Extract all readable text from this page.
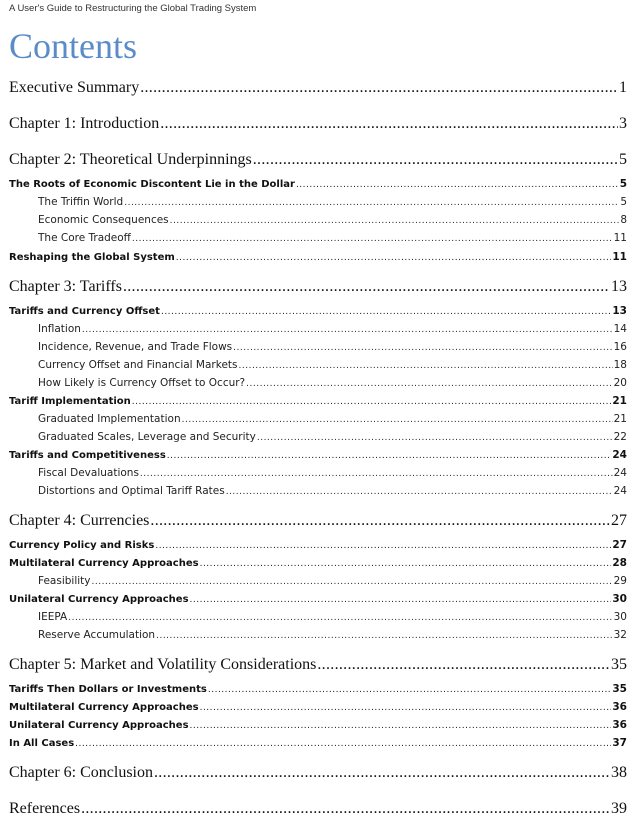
A User's Guide to Restructuring the Global Trading System
Contents
Executive Summary .....	1
Chapter 1: Introduction .....	3
Chapter 2: Theoretical Underpinnings .....	5
The Roots of Economic Discontent Lie in the Dollar .....	5
The Triffin World .....	5
Economic Consequences .....	8
The Core Tradeoff .....	11
Reshaping the Global System .....	11
Chapter 3: Tariffs .....	13
Tariffs and Currency Offset .....	13
Inflation .....	14
Incidence, Revenue, and Trade Flows .....	16
Currency Offset and Financial Markets .....	18
How Likely is Currency Offset to Occur? .....	20
Tariff Implementation .....	21
Graduated Implementation .....	21
Graduated Scales, Leverage and Security .....	22
Tariffs and Competitiveness .....	24
Fiscal Devaluations .....	24
Distortions and Optimal Tariff Rates .....	24
Chapter 4: Currencies .....	27
Currency Policy and Risks .....	27
Multilateral Currency Approaches .....	28
Feasibility .....	29
Unilateral Currency Approaches .....	30
IEEPA .....	30
Reserve Accumulation .....	32
Chapter 5: Market and Volatility Considerations .....	35
Tariffs Then Dollars or Investments .....	35
Multilateral Currency Approaches .....	36
Unilateral Currency Approaches .....	36
In All Cases .....	37
Chapter 6: Conclusion .....	38
References .....	39
